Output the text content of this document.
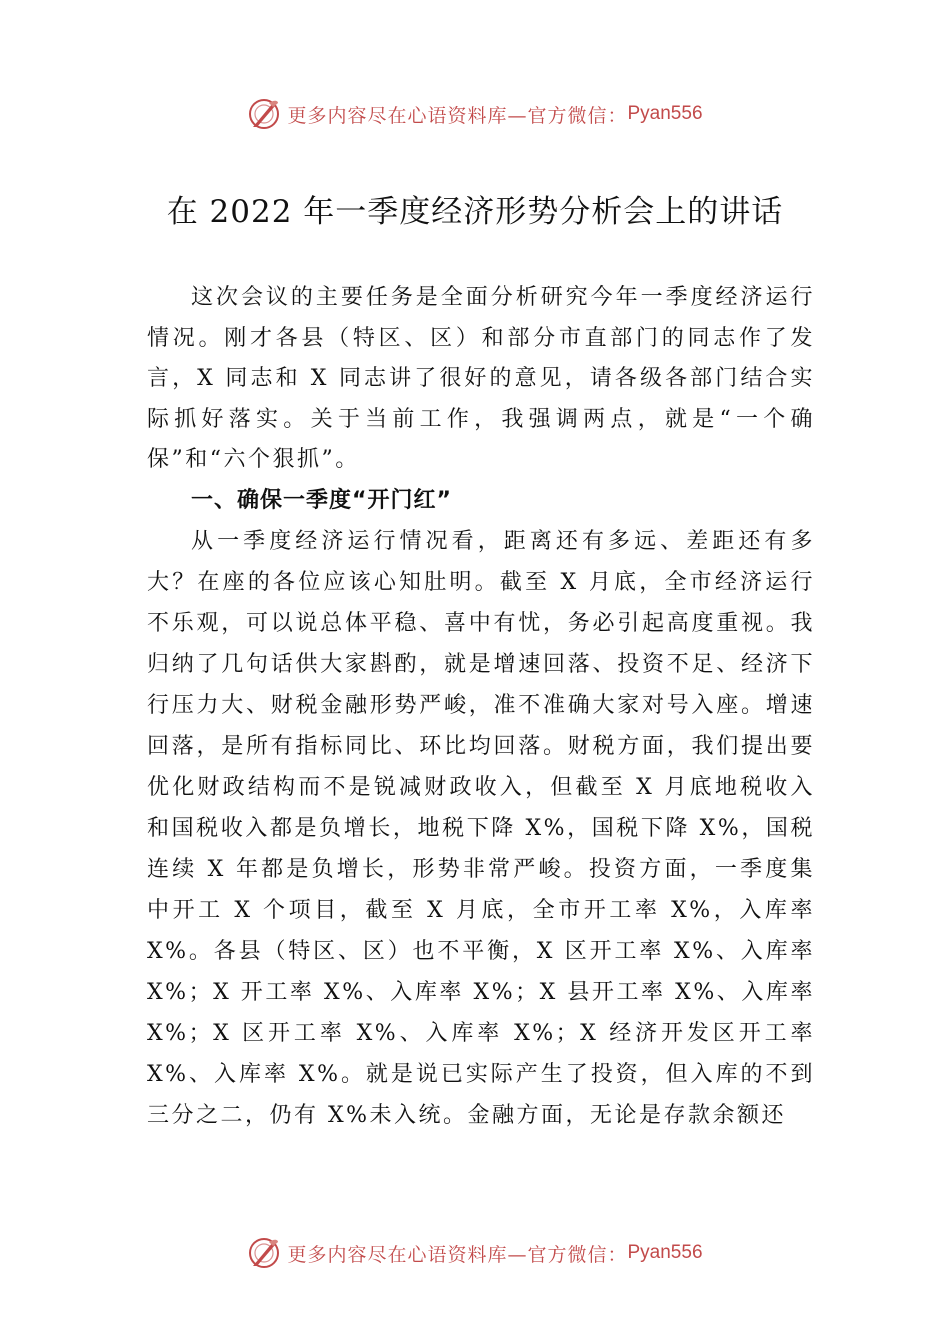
更多内容尽在心语资料库—官方微信： Pyan556
在 2022 年一季度经济形势分析会上的讲话

这次会议的主要任务是全面分析研究今年一季度经济运行情况。刚才各县（特区、区）和部分市直部门的同志作了发言，X 同志和 X 同志讲了很好的意见，请各级各部门结合实际抓好落实。关于当前工作，我强调两点，就是“一个确保”和“六个狠抓”。

一、确保一季度“开门红”

从一季度经济运行情况看，距离还有多远、差距还有多大？在座的各位应该心知肚明。截至 X 月底，全市经济运行不乐观，可以说总体平稳、喜中有忧，务必引起高度重视。我归纳了几句话供大家斟酌，就是增速回落、投资不足、经济下行压力大、财税金融形势严峻，准不准确大家对号入座。增速回落，是所有指标同比、环比均回落。财税方面，我们提出要优化财政结构而不是锐减财政收入，但截至 X 月底地税收入和国税收入都是负增长，地税下降 X%，国税下降 X%，国税连续 X 年都是负增长，形势非常严峻。投资方面，一季度集中开工 X 个项目，截至 X 月底，全市开工率 X%，入库率 X%。各县（特区、区）也不平衡，X 区开工率 X%、入库率 X%；X 开工率 X%、入库率 X%；X 县开工率 X%、入库率 X%；X 区开工率 X%、入库率 X%；X 经济开发区开工率 X%、入库率 X%。就是说已实际产生了投资，但入库的不到三分之二，仍有 X%未入统。金融方面，无论是存款余额还

更多内容尽在心语资料库—官方微信： Pyan556
